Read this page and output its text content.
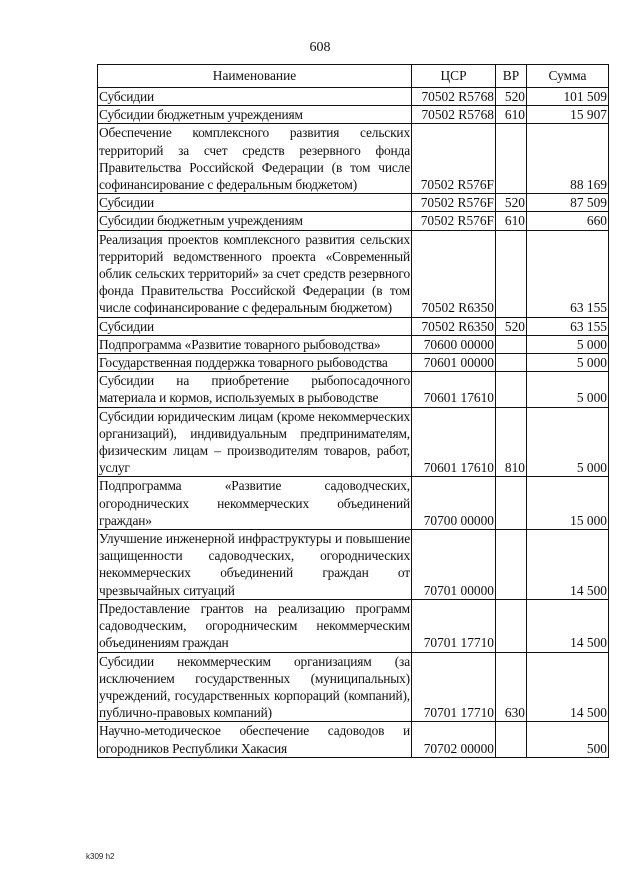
608
Наименование	ЦСР	ВР	Сумма
Субсидии	70502 R5768	520	101 509
Субсидии бюджетным учреждениям	70502 R5768	610	15 907
Обеспечение комплексного развития сельских территорий за счет средств резервного фонда Правительства Российской Федерации (в том числе софинансирование с федеральным бюджетом)	70502 R576F		88 169
Субсидии	70502 R576F	520	87 509
Субсидии бюджетным учреждениям	70502 R576F	610	660
Реализация проектов комплексного развития сельских территорий ведомственного проекта «Современный облик сельских территорий» за счет средств резервного фонда Правительства Российской Федерации (в том числе софинансирование с федеральным бюджетом)	70502 R6350		63 155
Субсидии	70502 R6350	520	63 155
Подпрограмма «Развитие товарного рыбоводства»	70600 00000		5 000
Государственная поддержка товарного рыбоводства	70601 00000		5 000
Субсидии на приобретение рыбопосадочного материала и кормов, используемых в рыбоводстве	70601 17610		5 000
Субсидии юридическим лицам (кроме некоммерческих организаций), индивидуальным предпринимателям, физическим лицам – производителям товаров, работ, услуг	70601 17610	810	5 000
Подпрограмма «Развитие садоводческих, огороднических некоммерческих объединений граждан»	70700 00000		15 000
Улучшение инженерной инфраструктуры и повышение защищенности садоводческих, огороднических некоммерческих объединений граждан от чрезвычайных ситуаций	70701 00000		14 500
Предоставление грантов на реализацию программ садоводческим, огородническим некоммерческим объединениям граждан	70701 17710		14 500
Субсидии некоммерческим организациям (за исключением государственных (муниципальных) учреждений, государственных корпораций (компаний), публично-правовых компаний)	70701 17710	630	14 500
Научно-методическое обеспечение садоводов и огородников Республики Хакасия	70702 00000		500
k309 h2
